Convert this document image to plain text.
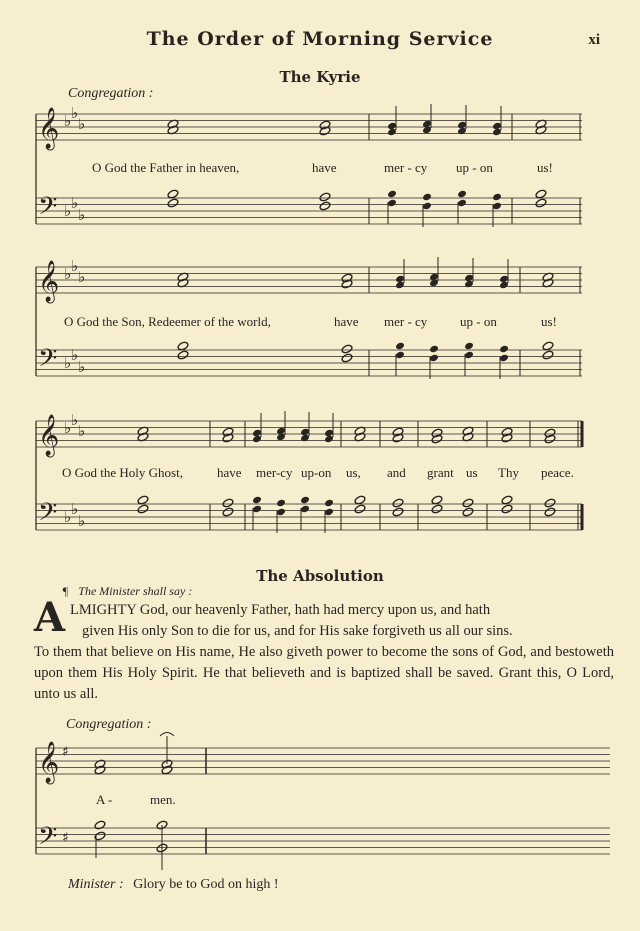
The Order of Morning Service	xi
The Kyrie
Congregation :
𝄞
𝄢
♭ ♭
♭
♭ ♭
♭
𝄞
𝄢
♭ ♭
♭
♭ ♭
♭
𝄞
𝄢
♭ ♭
♭
♭ ♭
♭
𝄞
𝄢
♯
♯
O God the Father in heaven,	have	mer - cy up - on	us!
O God the Son, Redeemer of the world,	have mer - cy	up - on	us!
O God the Holy Ghost,	have mer-cy up-on us, and grant us Thy peace.
The Absolution
¶ The Minister shall say :
A LMIGHTY God, our heavenly Father, hath had mercy upon us, and hath

given His only Son to die for us, and for His sake forgiveth us all our sins.

To them that believe on His name, He also giveth power to become the sons of God, and bestoweth upon them His Holy Spirit. He that believeth and is baptized shall be saved. Grant this, O Lord, unto us all.

Congregation :
A -	men.
Minister : Glory be to God on high !
